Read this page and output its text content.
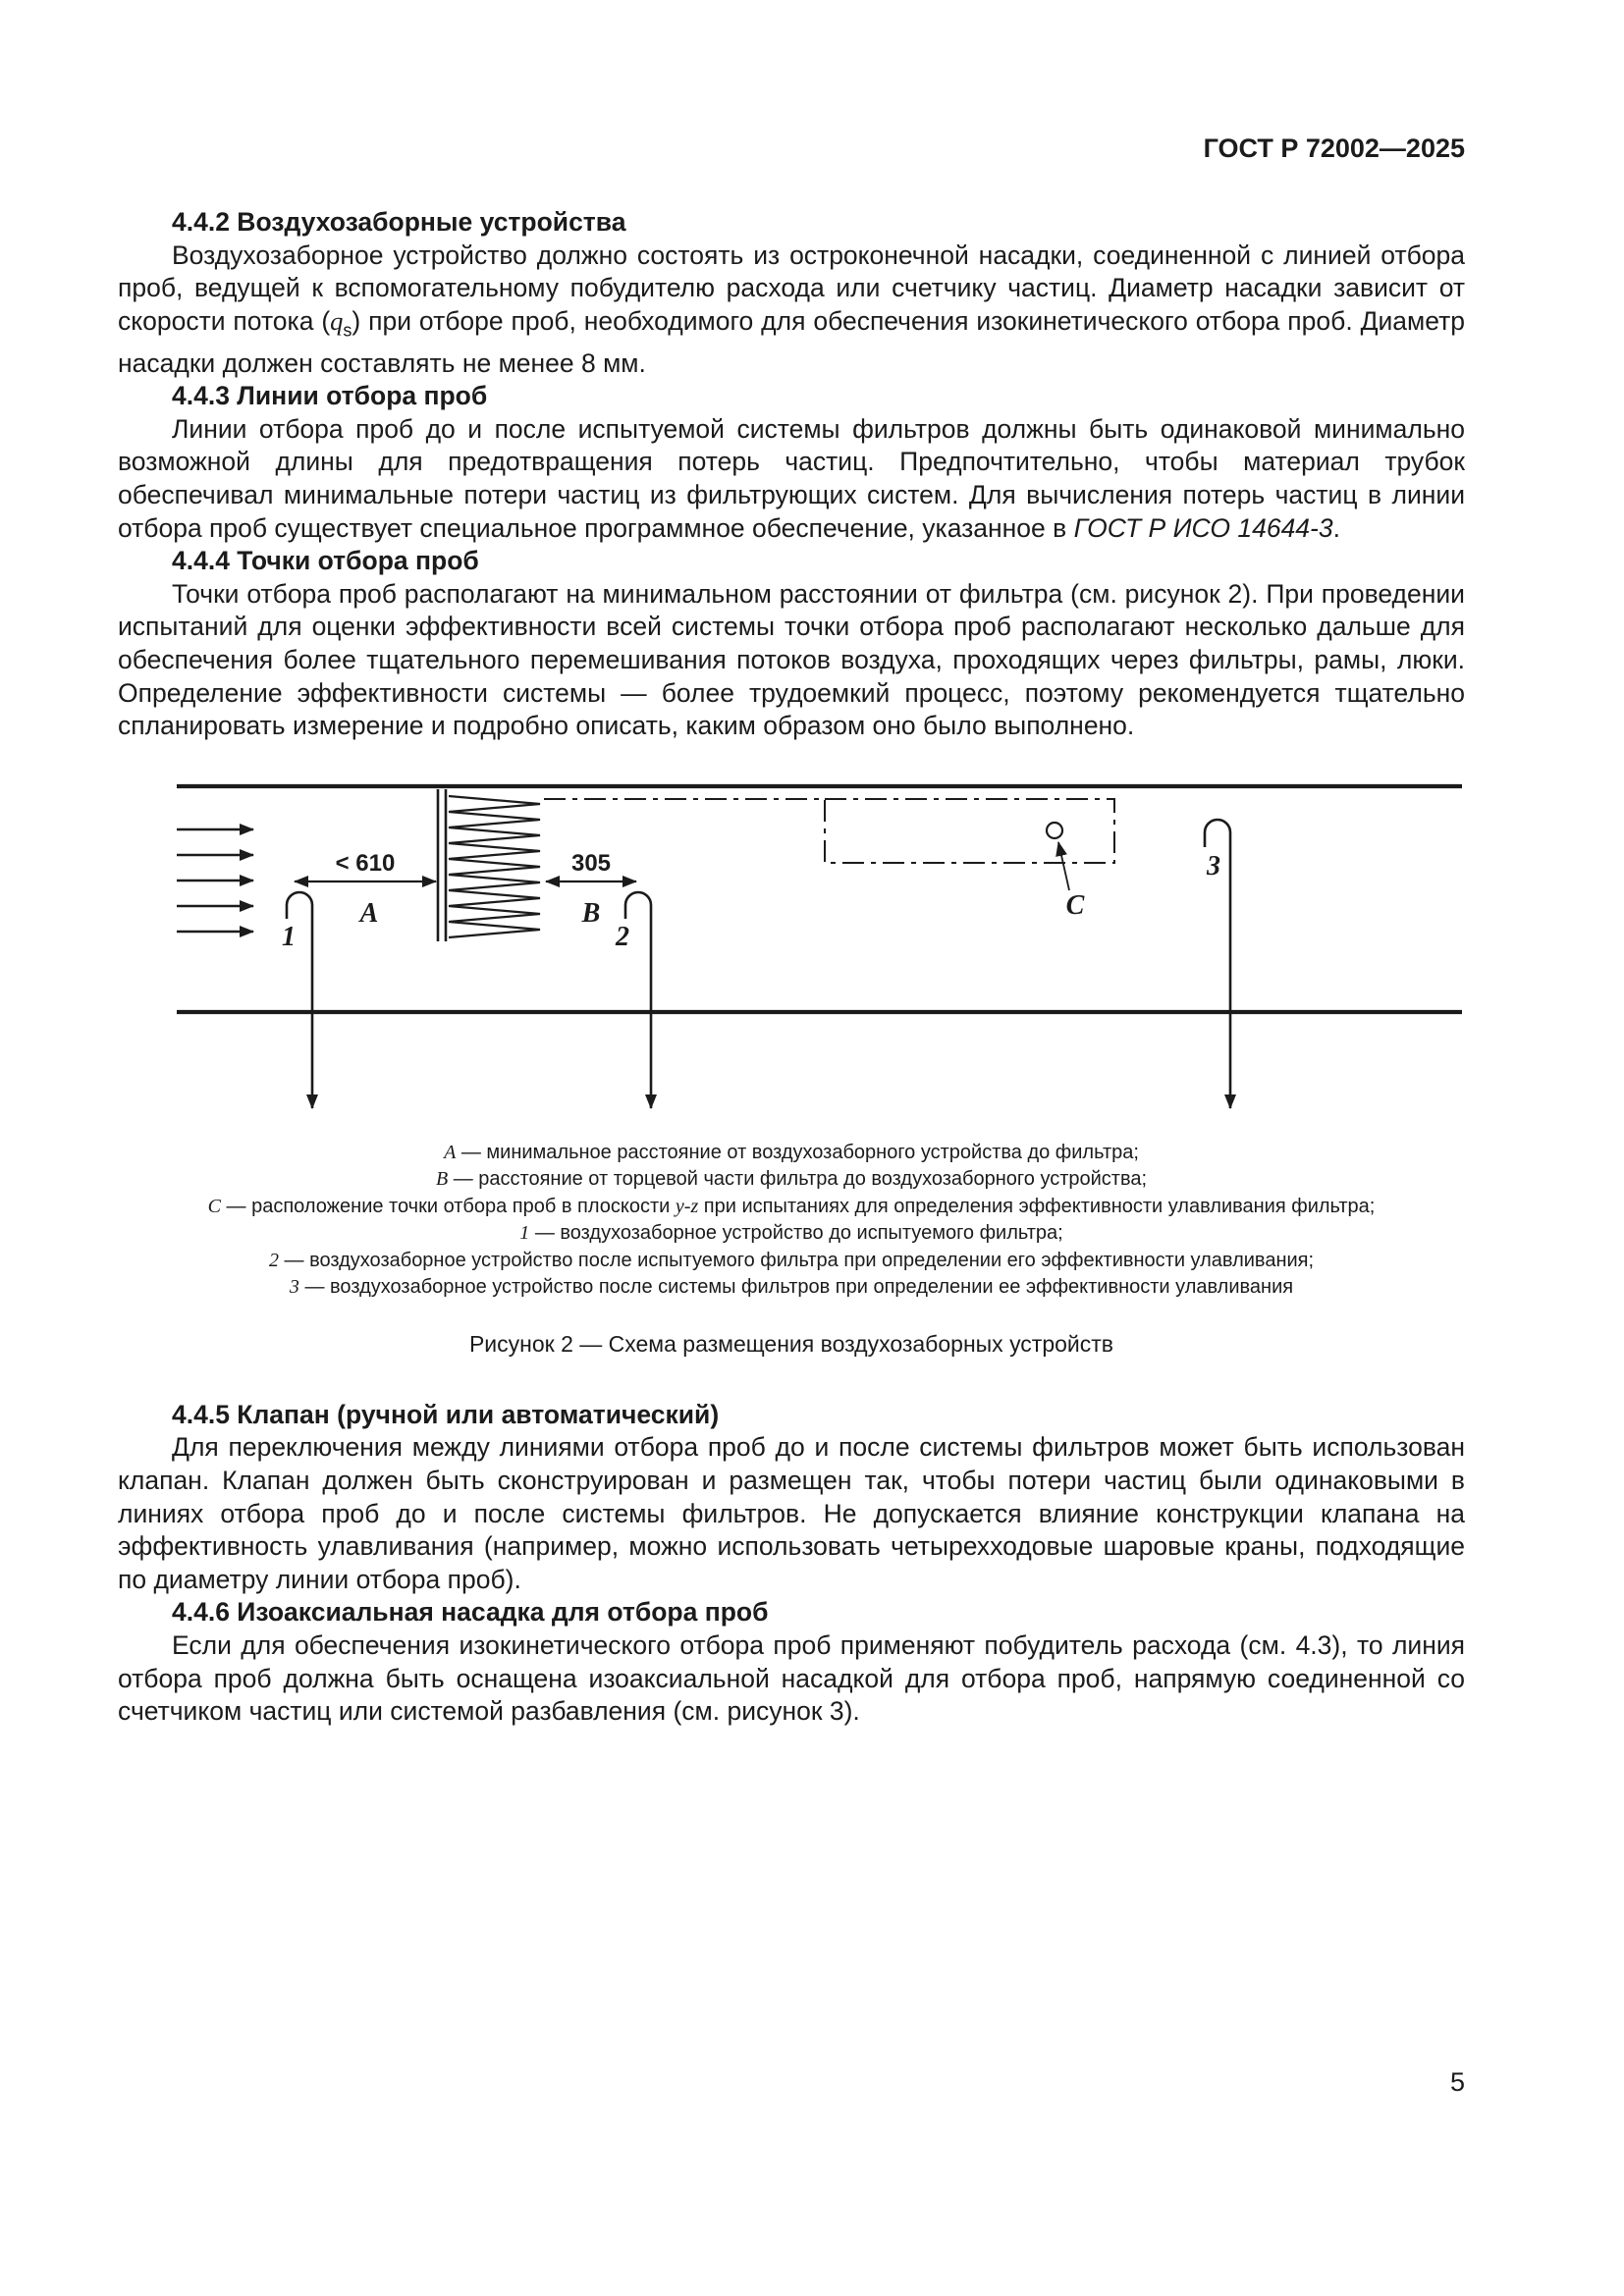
ГОСТ Р 72002—2025
4.4.2 Воздухозаборные устройства

Воздухозаборное устройство должно состоять из остроконечной насадки, соединенной с линией отбора проб, ведущей к вспомогательному побудителю расхода или счетчику частиц. Диаметр насадки зависит от скорости потока $(q_s)$ при отборе проб, необходимого для обеспечения изокинетического отбора проб. Диаметр насадки должен составлять не менее 8 мм.

4.4.3 Линии отбора проб

Линии отбора проб до и после испытуемой системы фильтров должны быть одинаковой минимально возможной длины для предотвращения потерь частиц. Предпочтительно, чтобы материал трубок обеспечивал минимальные потери частиц из фильтрующих систем. Для вычисления потерь частиц в линии отбора проб существует специальное программное обеспечение, указанное в ГОСТ Р ИСО 14644-3.

4.4.4 Точки отбора проб

Точки отбора проб располагают на минимальном расстоянии от фильтра (см. рисунок 2). При проведении испытаний для оценки эффективности всей системы точки отбора проб располагают несколько дальше для обеспечения более тщательного перемешивания потоков воздуха, проходящих через фильтры, рамы, люки. Определение эффективности системы — более трудоемкий процесс, поэтому рекомендуется тщательно спланировать измерение и подробно описать, каким образом оно было выполнено.

C
< 610
A
305
B
1	2
3
A — минимальное расстояние от воздухозаборного устройства до фильтра;
B — расстояние от торцевой части фильтра до воздухозаборного устройства;
C — расположение точки отбора проб в плоскости y-z при испытаниях для определения эффективности улавливания фильтра;
1 — воздухозаборное устройство до испытуемого фильтра;
2 — воздухозаборное устройство после испытуемого фильтра при определении его эффективности улавливания;
3 — воздухозаборное устройство после системы фильтров при определении ее эффективности улавливания
Рисунок 2 — Схема размещения воздухозаборных устройств
4.4.5 Клапан (ручной или автоматический)

Для переключения между линиями отбора проб до и после системы фильтров может быть использован клапан. Клапан должен быть сконструирован и размещен так, чтобы потери частиц были одинаковыми в линиях отбора проб до и после системы фильтров. Не допускается влияние конструкции клапана на эффективность улавливания (например, можно использовать четырехходовые шаровые краны, подходящие по диаметру линии отбора проб).

4.4.6 Изоаксиальная насадка для отбора проб

Если для обеспечения изокинетического отбора проб применяют побудитель расхода (см. 4.3), то линия отбора проб должна быть оснащена изоаксиальной насадкой для отбора проб, напрямую соединенной со счетчиком частиц или системой разбавления (см. рисунок 3).

5
